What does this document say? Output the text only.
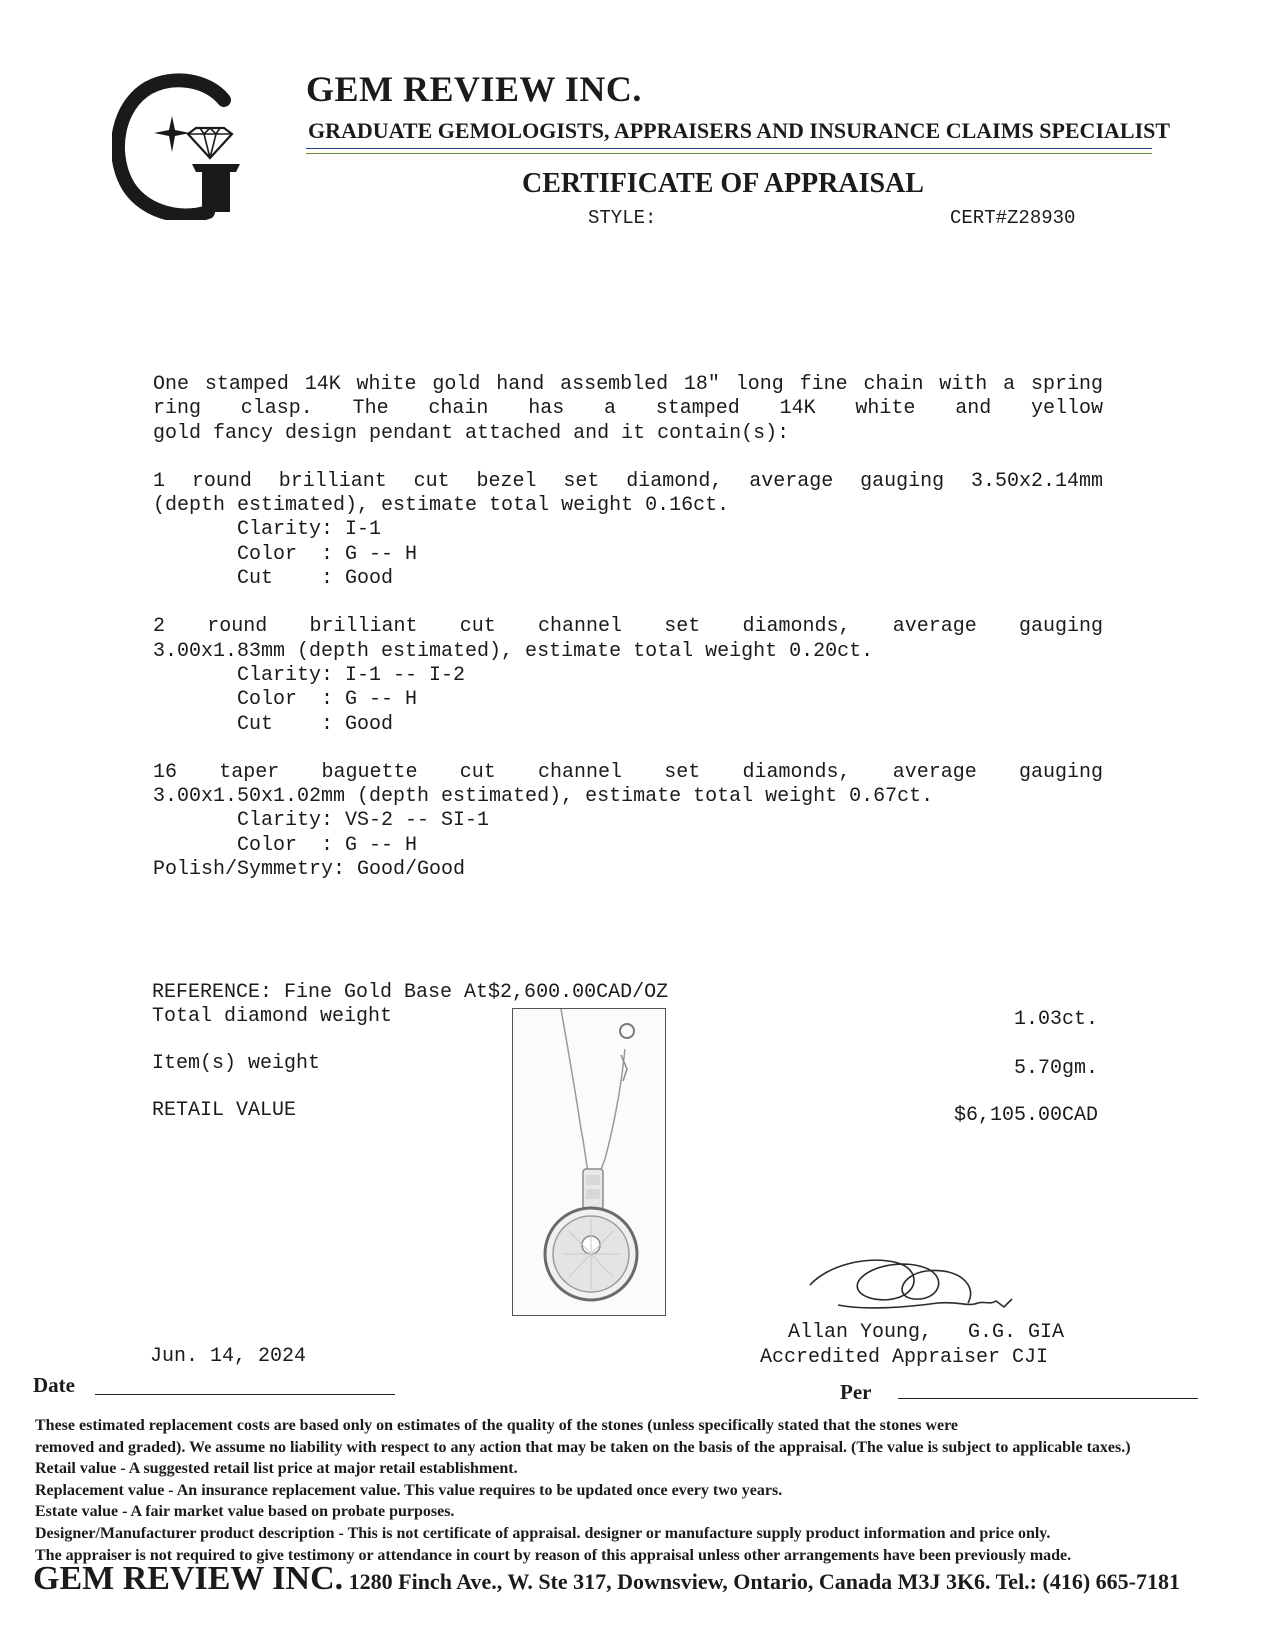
GEM REVIEW INC.
GRADUATE GEMOLOGISTS, APPRAISERS AND INSURANCE CLAIMS SPECIALIST
CERTIFICATE OF APPRAISAL
STYLE:	CERT#Z28930
One stamped 14K white gold hand assembled 18" long fine chain with a spring ring clasp. The chain has a stamped 14K white and yellow
gold fancy design pendant attached and it contain(s):
1 round brilliant cut bezel set diamond, average gauging 3.50x2.14mm
(depth estimated), estimate total weight 0.16ct.
Clarity: I-1
Color  : G -- H
Cut    : Good
2 round brilliant cut channel set diamonds, average gauging
3.00x1.83mm (depth estimated), estimate total weight 0.20ct.
Clarity: I-1 -- I-2
Color  : G -- H
Cut    : Good
16 taper baguette cut channel set diamonds, average gauging
3.00x1.50x1.02mm (depth estimated), estimate total weight 0.67ct.
Clarity: VS-2 -- SI-1
Color  : G -- H
Polish/Symmetry: Good/Good
REFERENCE: Fine Gold Base At$2,600.00CAD/OZ
Total diamond weight	1.03ct.
Item(s) weight	5.70gm.
RETAIL VALUE	$6,105.00CAD
Allan Young,   G.G. GIA
Accredited Appraiser CJI
Jun. 14, 2024
Date	Per
These estimated replacement costs are based only on estimates of the quality of the stones (unless specifically stated that the stones were
removed and graded). We assume no liability with respect to any action that may be taken on the basis of the appraisal. (The value is subject to applicable taxes.)
Retail value - A suggested retail list price at major retail establishment.
Replacement value - An insurance replacement value. This value requires to be updated once every two years.
Estate value - A fair market value based on probate purposes.
Designer/Manufacturer product description - This is not certificate of appraisal. designer or manufacture supply product information and price only.
The appraiser is not required to give testimony or attendance in court by reason of this appraisal unless other arrangements have been previously made.
GEM REVIEW INC. 1280 Finch Ave., W. Ste 317, Downsview, Ontario, Canada M3J 3K6. Tel.: (416) 665-7181
